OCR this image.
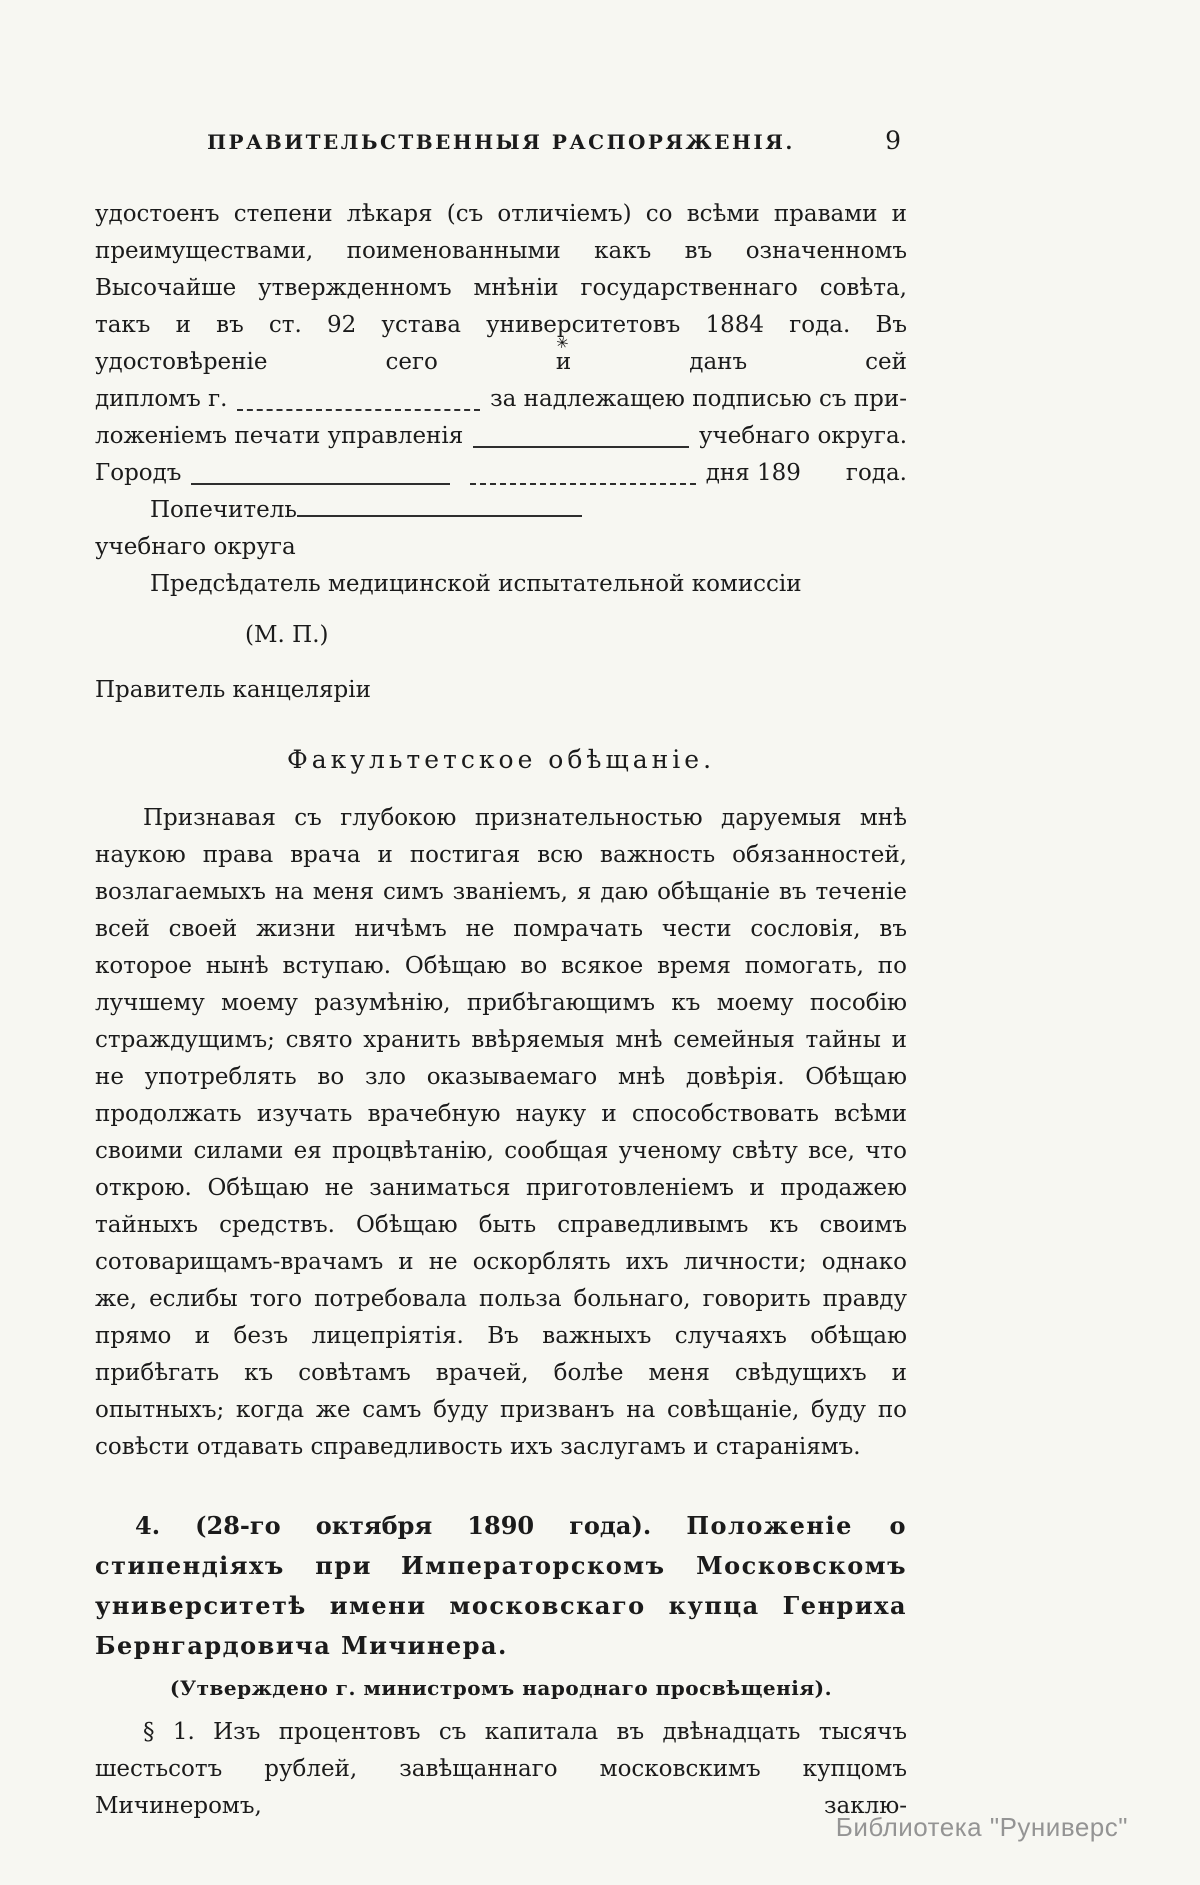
✳
ПРАВИТЕЛЬСТВЕННЫЯ РАСПОРЯЖЕНІЯ.	9

удостоенъ степени лѣкаря (съ отличіемъ) со всѣми правами и преимуществами, поименованными какъ въ означенномъ Высочайше утвержденномъ мнѣніи государственнаго совѣта, такъ и въ ст. 92 устава университетовъ 1884 года. Въ удостовѣреніе сего и данъ сей

дипломъ г.	за надлежащею подписью съ при-
ложеніемъ печати управленія	учебнаго округа.
Городъ	дня 189 года.
Попечитель
учебнаго округа
Предсѣдатель медицинской испытательной комиссіи
(М. П.)
Правитель канцеляріи
Факультетское обѣщаніе.

Признавая съ глубокою признательностью даруемыя мнѣ наукою права врача и постигая всю важность обязанностей, возлагаемыхъ на меня симъ званіемъ, я даю обѣщаніе въ теченіе всей своей жизни ничѣмъ не помрачать чести сословія, въ которое нынѣ вступаю. Обѣщаю во всякое время помогать, по лучшему моему разумѣнію, прибѣгающимъ къ моему пособію страждущимъ; свято хранить ввѣряемыя мнѣ семейныя тайны и не употреблять во зло оказываемаго мнѣ довѣрія. Обѣщаю продолжать изучать врачебную науку и способствовать всѣми своими силами ея процвѣтанію, сообщая ученому свѣту все, что открою. Обѣщаю не заниматься приготовленіемъ и продажею тайныхъ средствъ. Обѣщаю быть справедливымъ къ своимъ сотоварищамъ-врачамъ и не оскорблять ихъ личности; однако же, еслибы того потребовала польза больнаго, говорить правду прямо и безъ лицепріятія. Въ важныхъ случаяхъ обѣщаю прибѣгать къ совѣтамъ врачей, болѣе меня свѣдущихъ и опытныхъ; когда же самъ буду призванъ на совѣщаніе, буду по совѣсти отдавать справедливость ихъ заслугамъ и стараніямъ.

4. (28-го октября 1890 года). Положеніе о стипендіяхъ при Императорскомъ Московскомъ университетѣ имени московскаго купца Генриха Бернгардовича Мичинера.
(Утверждено г. министромъ народнаго просвѣщенія).

§ 1. Изъ процентовъ съ капитала въ двѣнадцать тысячъ шестьсотъ рублей, завѣщаннаго московскимъ купцомъ Мичинеромъ, заклю-

Библиотека "Руниверс"
